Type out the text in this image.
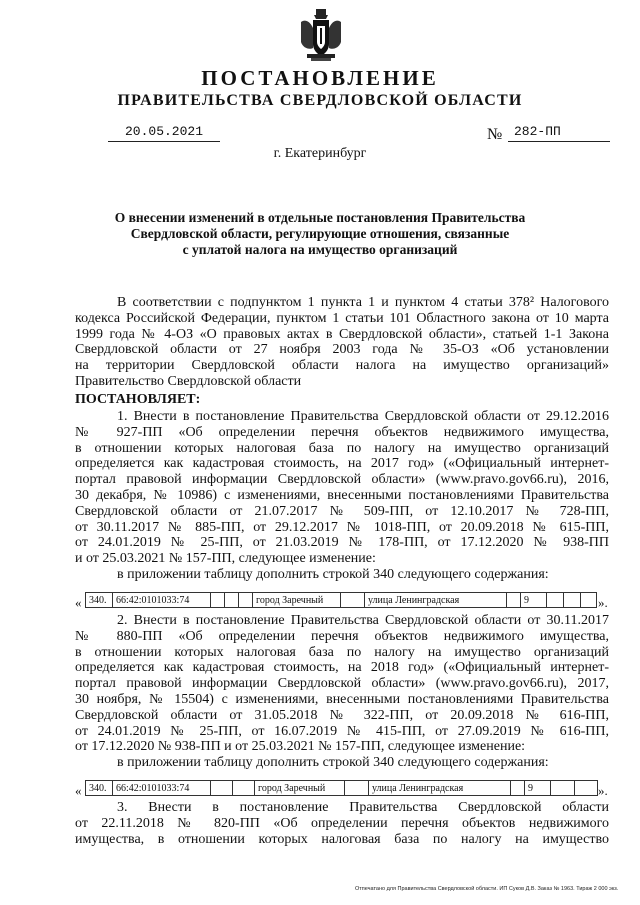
ПОСТАНОВЛЕНИЕ
ПРАВИТЕЛЬСТВА СВЕРДЛОВСКОЙ ОБЛАСТИ
20.05.2021	№ 282-ПП
г. Екатеринбург
О внесении изменений в отдельные постановления Правительства
Свердловской области, регулирующие отношения, связанные
с уплатой налога на имущество организаций
В соответствии с подпунктом 1 пункта 1 и пунктом 4 статьи 378² Налогового
кодекса Российской Федерации, пунктом 1 статьи 101 Областного закона от 10 марта
1999 года № 4-ОЗ «О правовых актах в Свердловской области», статьей 1-1 Закона
Свердловской области от 27 ноября 2003 года № 35-ОЗ «Об установлении
на территории Свердловской области налога на имущество организаций»
Правительство Свердловской области
ПОСТАНОВЛЯЕТ:
1. Внести в постановление Правительства Свердловской области от 29.12.2016
№ 927-ПП «Об определении перечня объектов недвижимого имущества,
в отношении которых налоговая база по налогу на имущество организаций
определяется как кадастровая стоимость, на 2017 год» («Официальный интернет-
портал правовой информации Свердловской области» (www.pravo.gov66.ru), 2016,
30 декабря, № 10986) с изменениями, внесенными постановлениями Правительства
Свердловской области от 21.07.2017 № 509-ПП, от 12.10.2017 № 728-ПП,
от 30.11.2017 № 885-ПП, от 29.12.2017 № 1018-ПП, от 20.09.2018 № 615-ПП,
от 24.01.2019 № 25-ПП, от 21.03.2019 № 178-ПП, от 17.12.2020 № 938-ПП
и от 25.03.2021 № 157-ПП, следующее изменение:
в приложении таблицу дополнить строкой 340 следующего содержания:
« 340. 66:42:0101033:74	город Заречный	улица Ленинградская	9	».
2. Внести в постановление Правительства Свердловской области от 30.11.2017
№ 880-ПП «Об определении перечня объектов недвижимого имущества,
в отношении которых налоговая база по налогу на имущество организаций
определяется как кадастровая стоимость, на 2018 год» («Официальный интернет-
портал правовой информации Свердловской области» (www.pravo.gov66.ru), 2017,
30 ноября, № 15504) с изменениями, внесенными постановлениями Правительства
Свердловской области от 31.05.2018 № 322-ПП, от 20.09.2018 № 616-ПП,
от 24.01.2019 № 25-ПП, от 16.07.2019 № 415-ПП, от 27.09.2019 № 616-ПП,
от 17.12.2020 № 938-ПП и от 25.03.2021 № 157-ПП, следующее изменение:
в приложении таблицу дополнить строкой 340 следующего содержания:
« 340. 66:42:0101033:74	город Заречный	улица Ленинградская	9	».
3. Внести в постановление Правительства Свердловской области
от 22.11.2018 № 820-ПП «Об определении перечня объектов недвижимого
имущества, в отношении которых налоговая база по налогу на имущество
Отпечатано для Правительства Свердловской области. ИП Суков Д.В. Заказ № 1963. Тираж 2 000 экз.
